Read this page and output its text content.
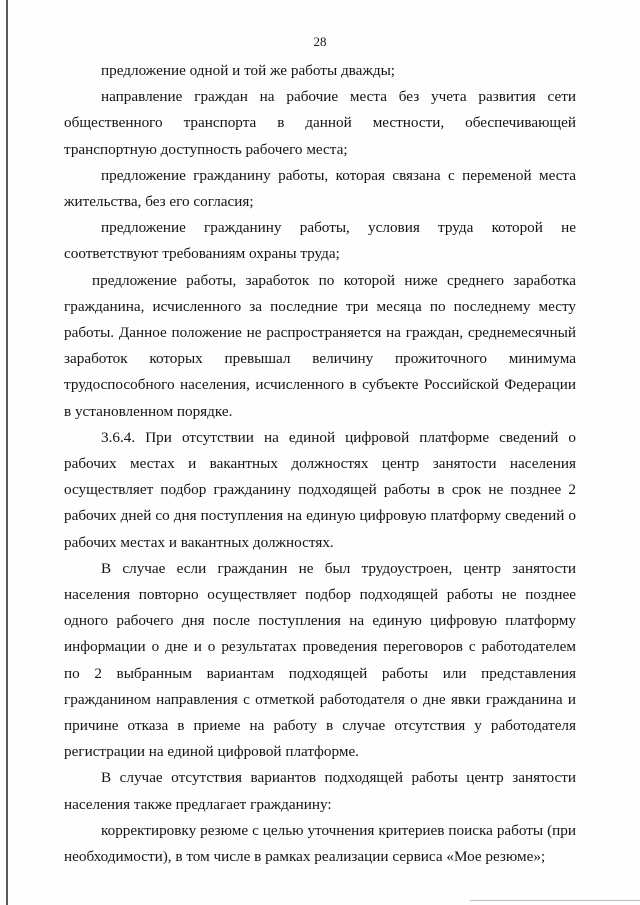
28

предложение одной и той же работы дважды;

направление граждан на рабочие места без учета развития сети общественного транспорта в данной местности, обеспечивающей транспортную доступность рабочего места;

предложение гражданину работы, которая связана с переменой места жительства, без его согласия;

предложение гражданину работы, условия труда которой не соответствуют требованиям охраны труда;

предложение работы, заработок по которой ниже среднего заработка гражданина, исчисленного за последние три месяца по последнему месту работы. Данное положение не распространяется на граждан, среднемесячный заработок которых превышал величину прожиточного минимума трудоспособного населения, исчисленного в субъекте Российской Федерации в установленном порядке.

3.6.4. При отсутствии на единой цифровой платформе сведений о рабочих местах и вакантных должностях центр занятости населения осуществляет подбор гражданину подходящей работы в срок не позднее 2 рабочих дней со дня поступления на единую цифровую платформу сведений о рабочих местах и вакантных должностях.

В случае если гражданин не был трудоустроен, центр занятости населения повторно осуществляет подбор подходящей работы не позднее одного рабочего дня после поступления на единую цифровую платформу информации о дне и о результатах проведения переговоров с работодателем по 2 выбранным вариантам подходящей работы или представления гражданином направления с отметкой работодателя о дне явки гражданина и причине отказа в приеме на работу в случае отсутствия у работодателя регистрации на единой цифровой платформе.

В случае отсутствия вариантов подходящей работы центр занятости населения также предлагает гражданину:

корректировку резюме с целью уточнения критериев поиска работы (при необходимости), в том числе в рамках реализации сервиса «Мое резюме»;
